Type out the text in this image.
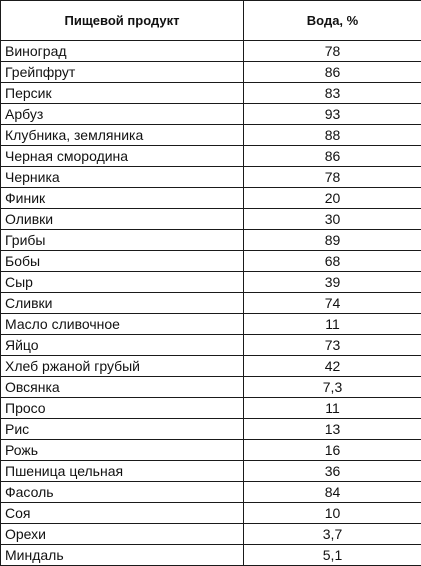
Пищевой продукт	Вода, %
Виноград	78
Грейпфрут	86
Персик	83
Арбуз	93
Клубника, земляника	88
Черная смородина	86
Черника	78
Финик	20
Оливки	30
Грибы	89
Бобы	68
Сыр	39
Сливки	74
Масло сливочное	11
Яйцо	73
Хлеб ржаной грубый	42
Овсянка	7,3
Просо	11
Рис	13
Рожь	16
Пшеница цельная	36
Фасоль	84
Соя	10
Орехи	3,7
Миндаль	5,1
